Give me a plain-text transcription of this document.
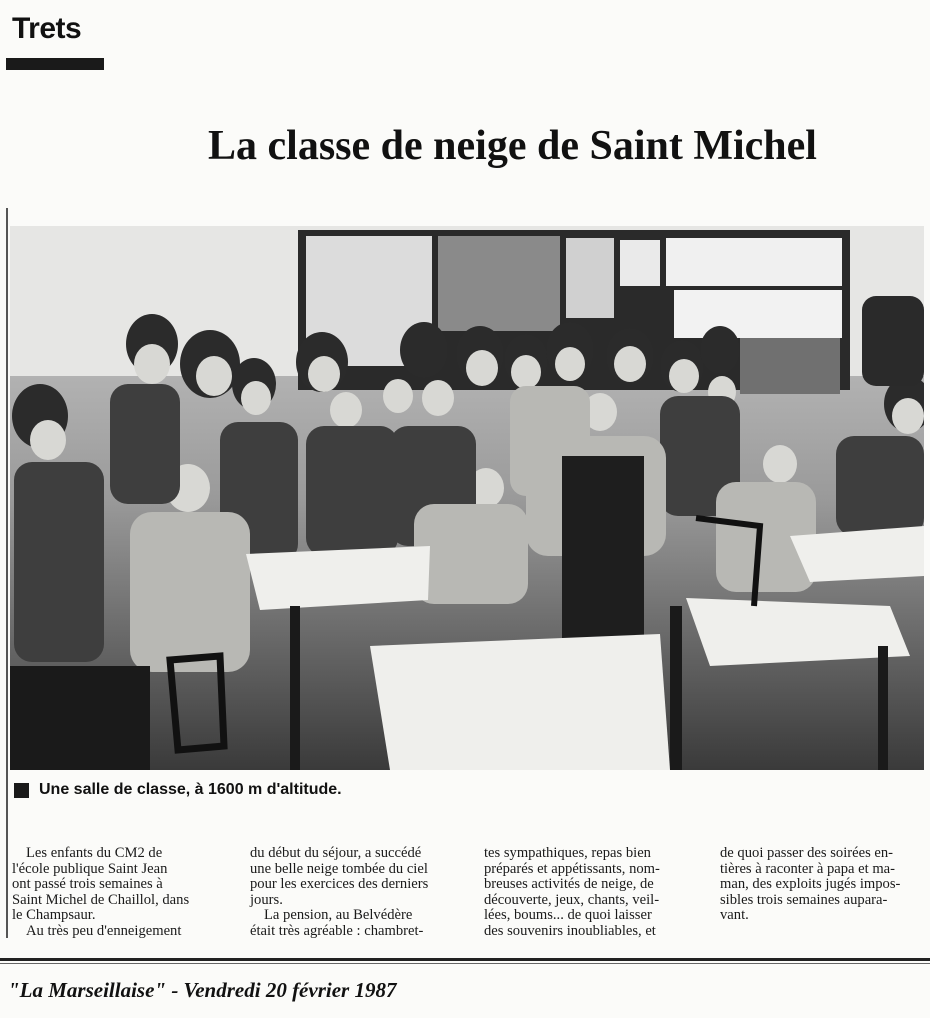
Trets
La classe de neige de Saint Michel
Une salle de classe, à 1600 m d'altitude.

Les enfants du CM2 de

l'école publique Saint Jean

ont passé trois semaines à

Saint Michel de Chaillol, dans

le Champsaur.

Au très peu d'enneigement

du début du séjour, a succédé

une belle neige tombée du ciel

pour les exercices des derniers

jours.

La pension, au Belvédère

était très agréable : chambret-

tes sympathiques, repas bien

préparés et appétissants, nom-

breuses activités de neige, de

découverte, jeux, chants, veil-

lées, boums... de quoi laisser

des souvenirs inoubliables, et

de quoi passer des soirées en-

tières à raconter à papa et ma-

man, des exploits jugés impos-

sibles trois semaines aupara-

vant.

"La Marseillaise" - Vendredi 20 février 1987
